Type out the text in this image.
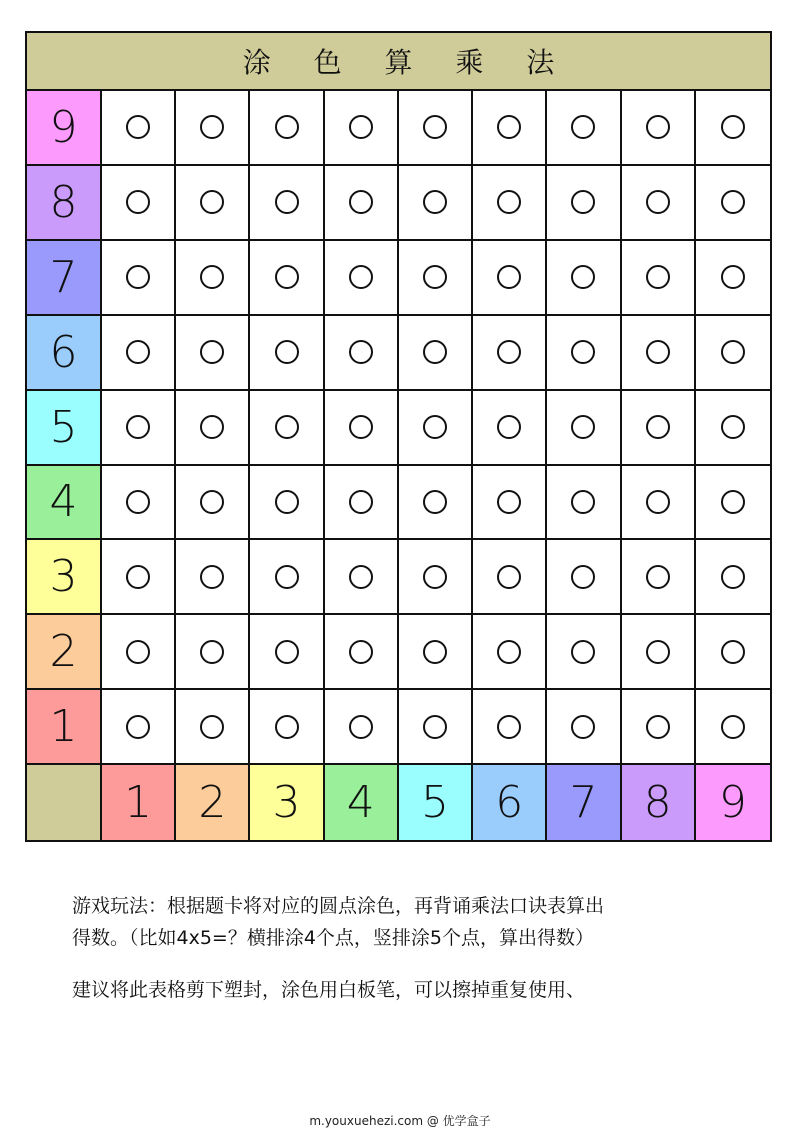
涂 色 算 乘 法
9
8
7
6
5
4
3
2
1
1 2 3 4 5 6 7 8 9

游戏玩法：根据题卡将对应的圆点涂色，再背诵乘法口诀表算出

得数。（比如4x5=？横排涂4个点，竖排涂5个点，算出得数）

建议将此表格剪下塑封，涂色用白板笔，可以擦掉重复使用、

m.youxuehezi.com @ 优学盒子
